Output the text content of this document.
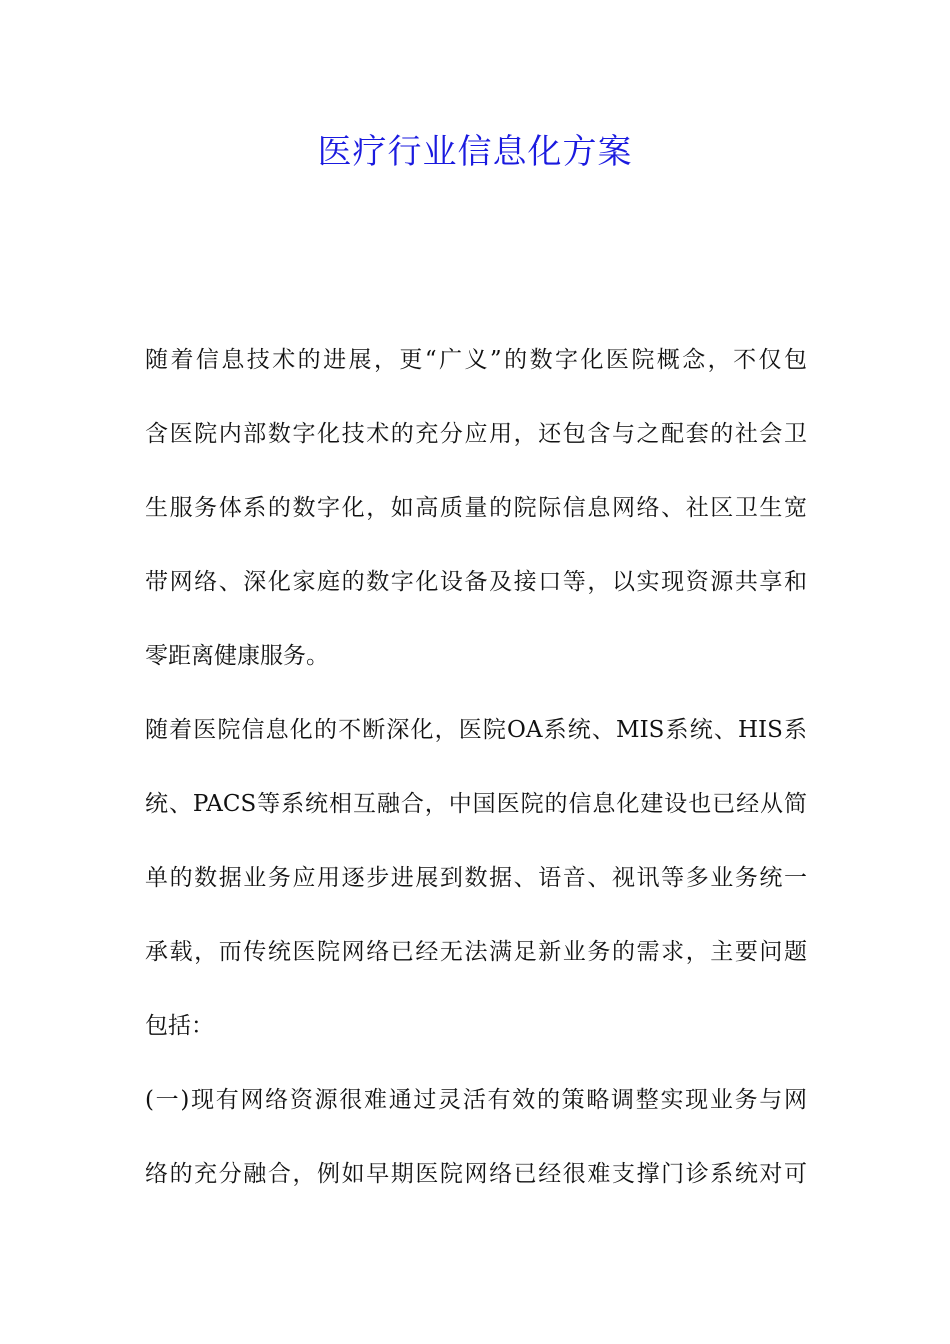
医疗行业信息化方案
随着信息技术的进展，更“广义”的数字化医院概念，不仅包
含医院内部数字化技术的充分应用，还包含与之配套的社会卫
生服务体系的数字化，如高质量的院际信息网络、社区卫生宽
带网络、深化家庭的数字化设备及接口等，以实现资源共享和
零距离健康服务。
随着医院信息化的不断深化，医院OA系统、MIS系统、HIS系
统、PACS等系统相互融合，中国医院的信息化建设也已经从简
单的数据业务应用逐步进展到数据、语音、视讯等多业务统一
承载，而传统医院网络已经无法满足新业务的需求，主要问题
包括：
(一)现有网络资源很难通过灵活有效的策略调整实现业务与网
络的充分融合，例如早期医院网络已经很难支撑门诊系统对可
